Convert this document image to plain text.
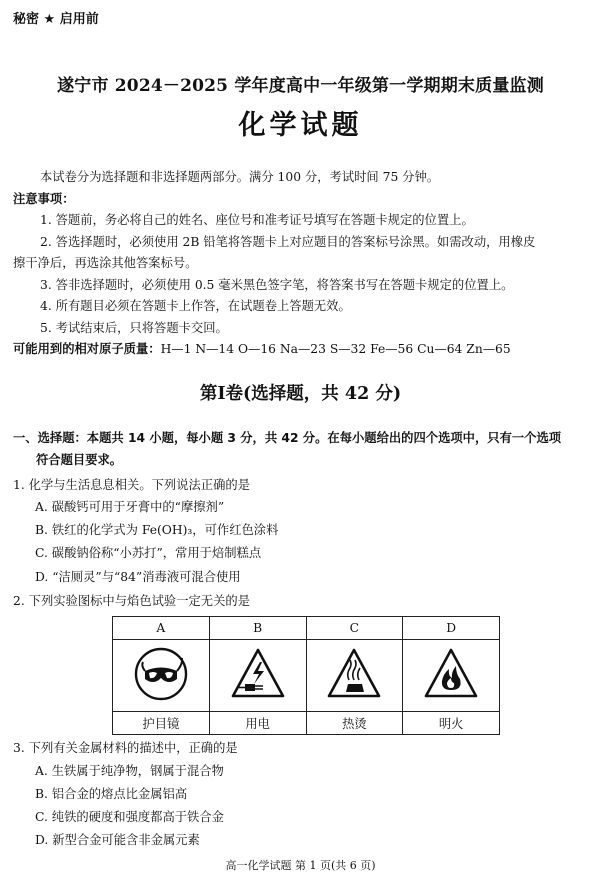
秘密 ★ 启用前
遂宁市 2024－2025 学年度高中一年级第一学期期末质量监测
化学试题
本试卷分为选择题和非选择题两部分。满分 100 分，考试时间 75 分钟。
注意事项：
1. 答题前，务必将自己的姓名、座位号和准考证号填写在答题卡规定的位置上。
2. 答选择题时，必须使用 2B 铅笔将答题卡上对应题目的答案标号涂黑。如需改动，用橡皮
擦干净后，再选涂其他答案标号。
3. 答非选择题时，必须使用 0.5 毫米黑色签字笔，将答案书写在答题卡规定的位置上。
4. 所有题目必须在答题卡上作答，在试题卷上答题无效。
5. 考试结束后，只将答题卡交回。
可能用到的相对原子质量：H—1 N—14 O—16 Na—23 S—32 Fe—56 Cu—64 Zn—65
第Ⅰ卷(选择题，共 42 分)
一、选择题：本题共 14 小题，每小题 3 分，共 42 分。在每小题给出的四个选项中，只有一个选项
符合题目要求。
1. 化学与生活息息相关。下列说法正确的是
A. 碳酸钙可用于牙膏中的“摩擦剂”
B. 铁红的化学式为 Fe(OH)₃，可作红色涂料
C. 碳酸钠俗称“小苏打”，常用于焙制糕点
D. “洁厕灵”与“84”消毒液可混合使用
2. 下列实验图标中与焰色试验一定无关的是
A	B	C	D

护目镜	用电	热烫	明火
3. 下列有关金属材料的描述中，正确的是
A. 生铁属于纯净物，钢属于混合物
B. 铝合金的熔点比金属铝高
C. 纯铁的硬度和强度都高于铁合金
D. 新型合金可能含非金属元素
高一化学试题 第 1 页(共 6 页)
